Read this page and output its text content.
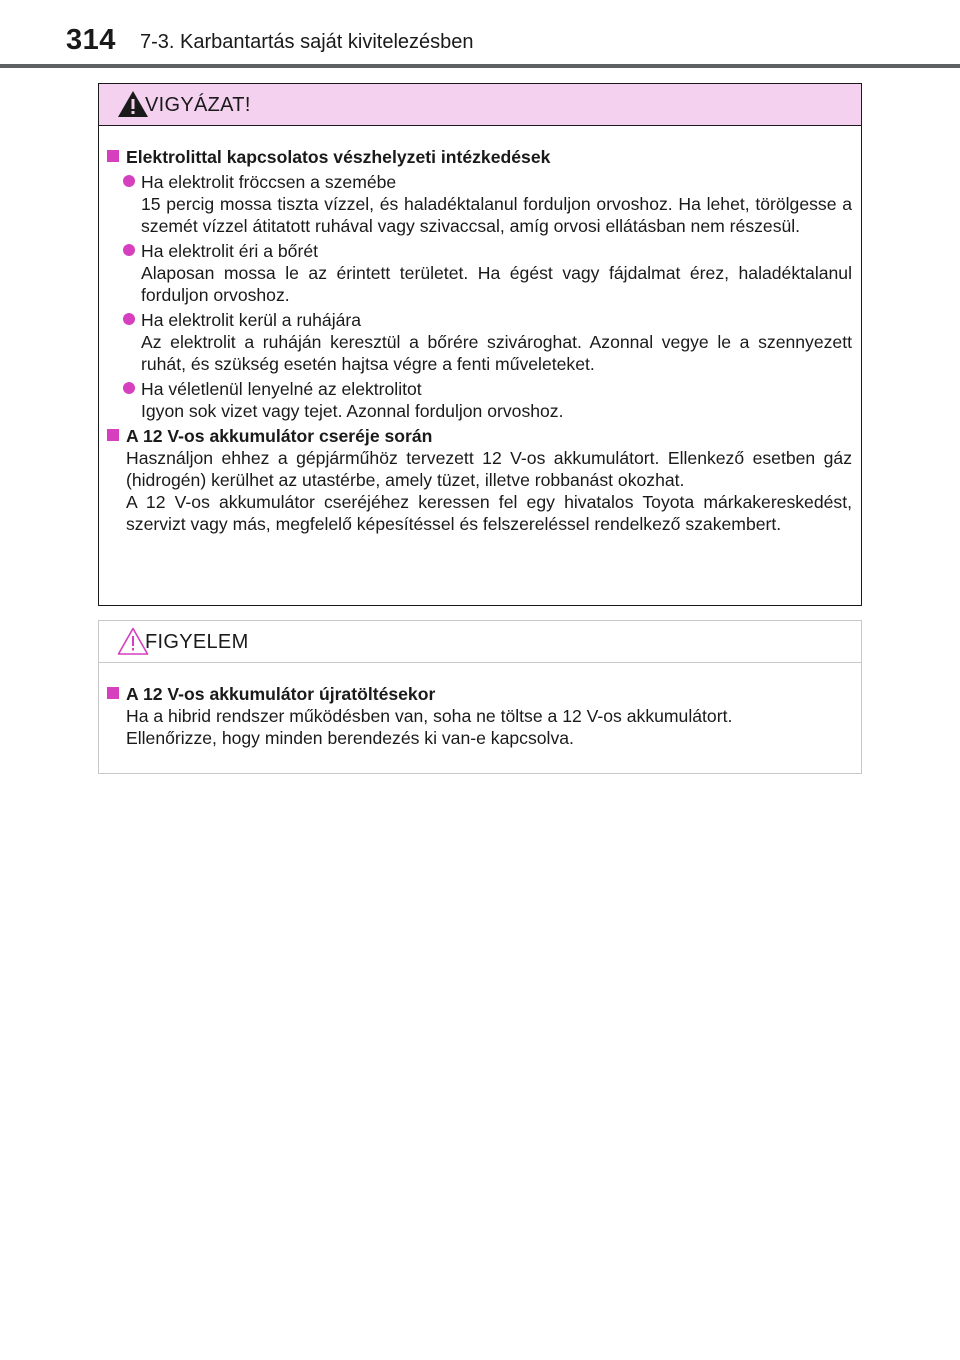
314 7-3. Karbantartás saját kivitelezésben
VIGYÁZAT!
Elektrolittal kapcsolatos vészhelyzeti intézkedések
Ha elektrolit fröccsen a szemébe
15 percig mossa tiszta vízzel, és haladéktalanul forduljon orvoshoz. Ha lehet, törölgesse a szemét vízzel átitatott ruhával vagy szivaccsal, amíg orvosi ellátásban nem részesül.
Ha elektrolit éri a bőrét
Alaposan mossa le az érintett területet. Ha égést vagy fájdalmat érez, haladéktalanul forduljon orvoshoz.
Ha elektrolit kerül a ruhájára
Az elektrolit a ruháján keresztül a bőrére szivároghat. Azonnal vegye le a szennyezett ruhát, és szükség esetén hajtsa végre a fenti műveleteket.
Ha véletlenül lenyelné az elektrolitot
Igyon sok vizet vagy tejet. Azonnal forduljon orvoshoz.
A 12 V-os akkumulátor cseréje során
Használjon ehhez a gépjárműhöz tervezett 12 V-os akkumulátort. Ellenkező esetben gáz (hidrogén) kerülhet az utastérbe, amely tüzet, illetve robbanást okozhat.
A 12 V-os akkumulátor cseréjéhez keressen fel egy hivatalos Toyota márkakereskedést, szervizt vagy más, megfelelő képesítéssel és felszereléssel rendelkező szakembert.
FIGYELEM
A 12 V-os akkumulátor újratöltésekor
Ha a hibrid rendszer működésben van, soha ne töltse a 12 V-os akkumulátort.
Ellenőrizze, hogy minden berendezés ki van-e kapcsolva.
